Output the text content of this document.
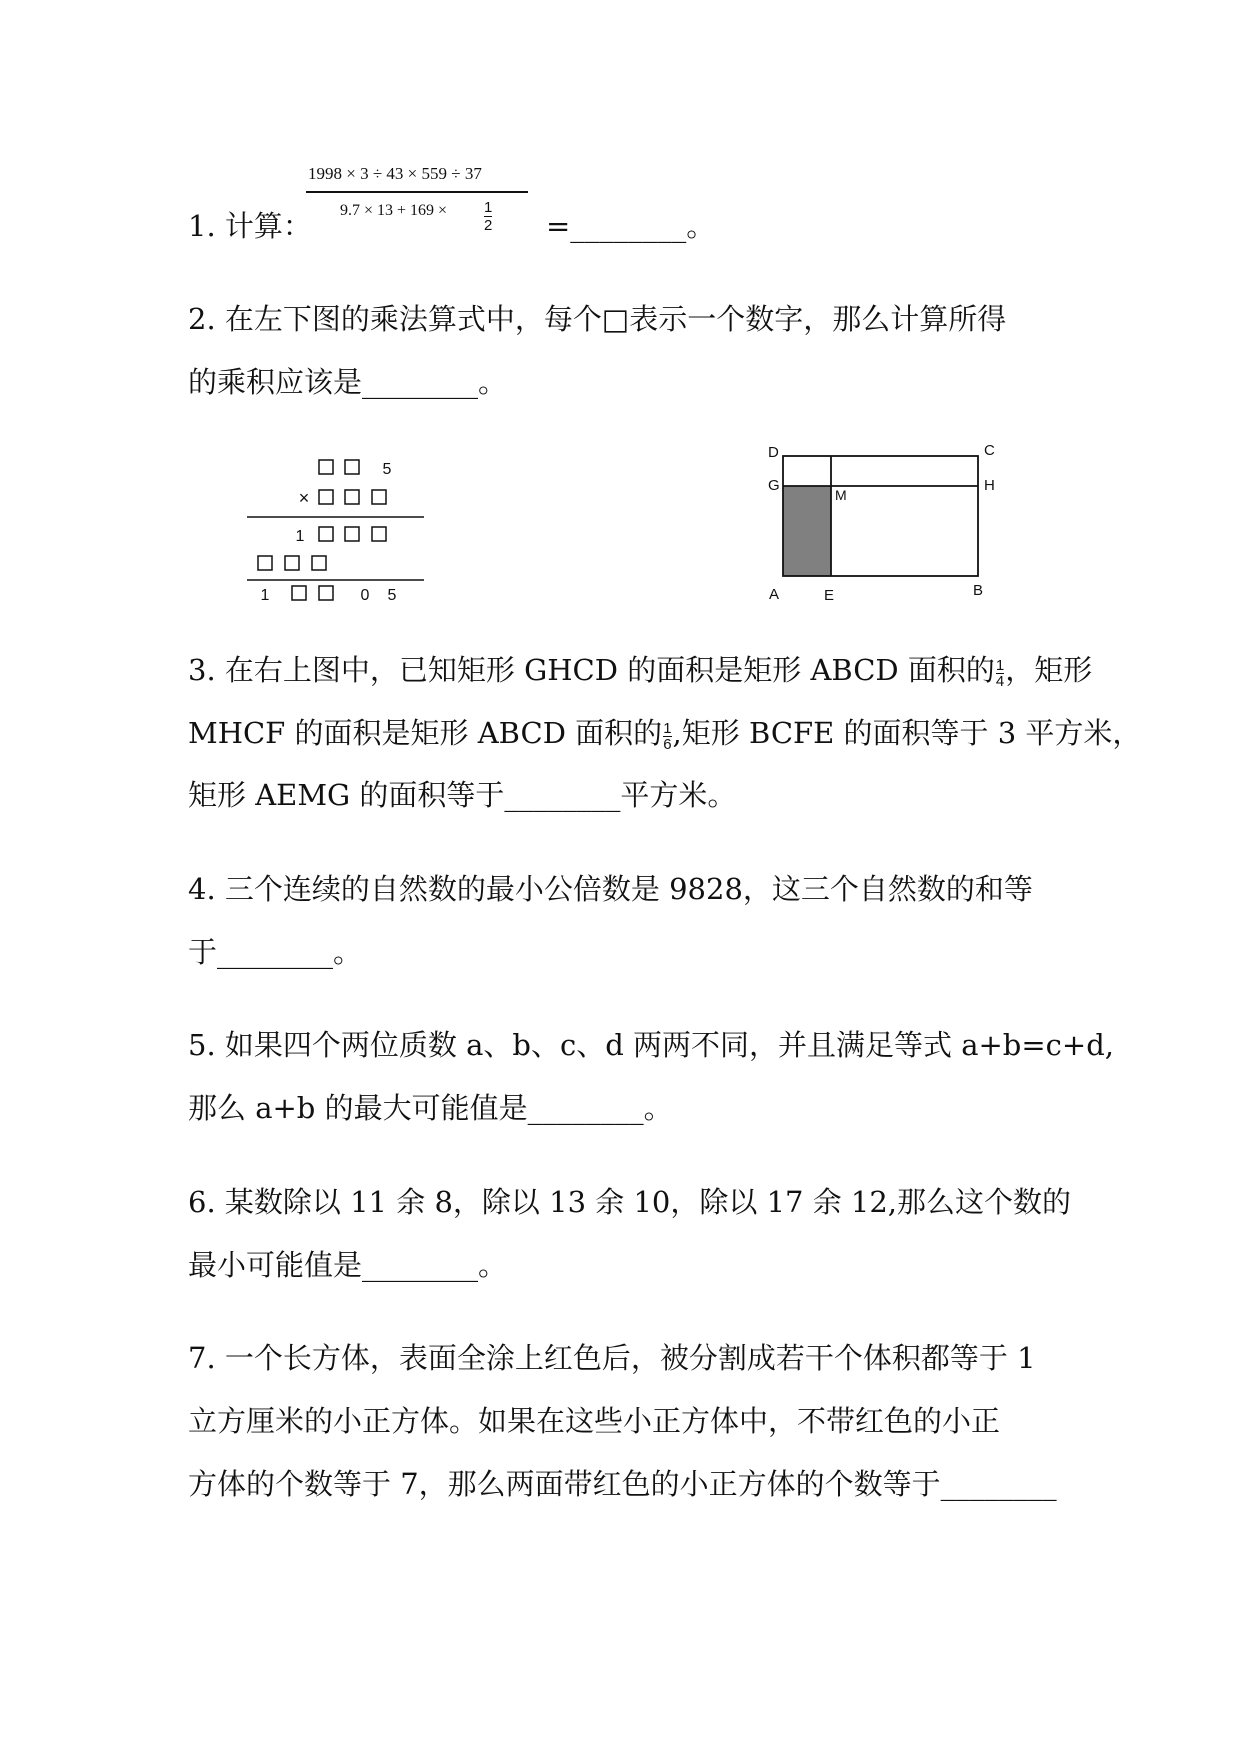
1998 × 3 ÷ 43 × 559 ÷ 37
$9.7 \times 13 + 169 \times \frac{1}{2}$
1. 计算：	=________。
2. 在左下图的乘法算式中，每个□表示一个数字，那么计算所得
的乘积应该是________。
5
×
1
1	0 5
D	C
G
M
H
A	E	B
3. 在右上图中，已知矩形 GHCD 的面积是矩形 ABCD 面积的 $\frac{1}{4}$ ，矩形
MHCF 的面积是矩形 ABCD 面积的 $\frac{1}{6}$ ,矩形 BCFE 的面积等于 3 平方米，
矩形 AEMG 的面积等于________平方米。
4. 三个连续的自然数的最小公倍数是 9828，这三个自然数的和等
于________。
5. 如果四个两位质数 a、b、c、d 两两不同，并且满足等式 a+b=c+d,
那么 a+b 的最大可能值是________。
6. 某数除以 11 余 8，除以 13 余 10，除以 17 余 12,那么这个数的
最小可能值是________。
7. 一个长方体，表面全涂上红色后，被分割成若干个体积都等于 1
立方厘米的小正方体。如果在这些小正方体中，不带红色的小正
方体的个数等于 7，那么两面带红色的小正方体的个数等于________
